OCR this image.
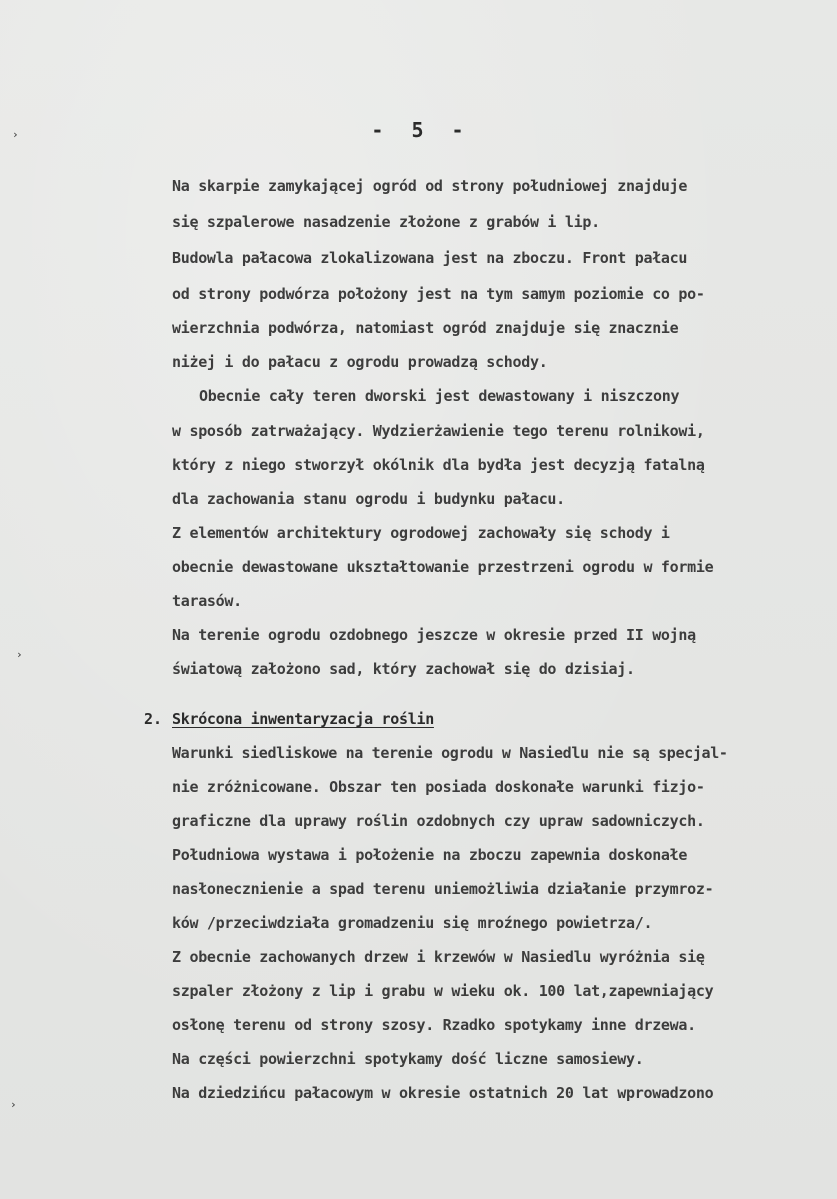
›
›
›
- 5 -
Na skarpie zamykającej ogród od strony południowej znajduje
się szpalerowe nasadzenie złożone z grabów i lip.
Budowla pałacowa zlokalizowana jest na zboczu. Front pałacu
od strony podwórza położony jest na tym samym poziomie co po-
wierzchnia podwórza, natomiast ogród znajduje się znacznie
niżej i do pałacu z ogrodu prowadzą schody.
Obecnie cały teren dworski jest dewastowany i niszczony
w sposób zatrważający. Wydzierżawienie tego terenu rolnikowi,
który z niego stworzył okólnik dla bydła jest decyzją fatalną
dla zachowania stanu ogrodu i budynku pałacu.
Z elementów architektury ogrodowej zachowały się schody i
obecnie dewastowane ukształtowanie przestrzeni ogrodu w formie
tarasów.
Na terenie ogrodu ozdobnego jeszcze w okresie przed II wojną
światową założono sad, który zachował się do dzisiaj.
2. Skrócona inwentaryzacja roślin
Warunki siedliskowe na terenie ogrodu w Nasiedlu nie są specjal-
nie zróżnicowane. Obszar ten posiada doskonałe warunki fizjo-
graficzne dla uprawy roślin ozdobnych czy upraw sadowniczych.
Południowa wystawa i położenie na zboczu zapewnia doskonałe
nasłonecznienie a spad terenu uniemożliwia działanie przymroz-
ków /przeciwdziała gromadzeniu się mroźnego powietrza/.
Z obecnie zachowanych drzew i krzewów w Nasiedlu wyróżnia się
szpaler złożony z lip i grabu w wieku ok. 100 lat,zapewniający
osłonę terenu od strony szosy. Rzadko spotykamy inne drzewa.
Na części powierzchni spotykamy dość liczne samosiewy.
Na dziedzińcu pałacowym w okresie ostatnich 20 lat wprowadzono
